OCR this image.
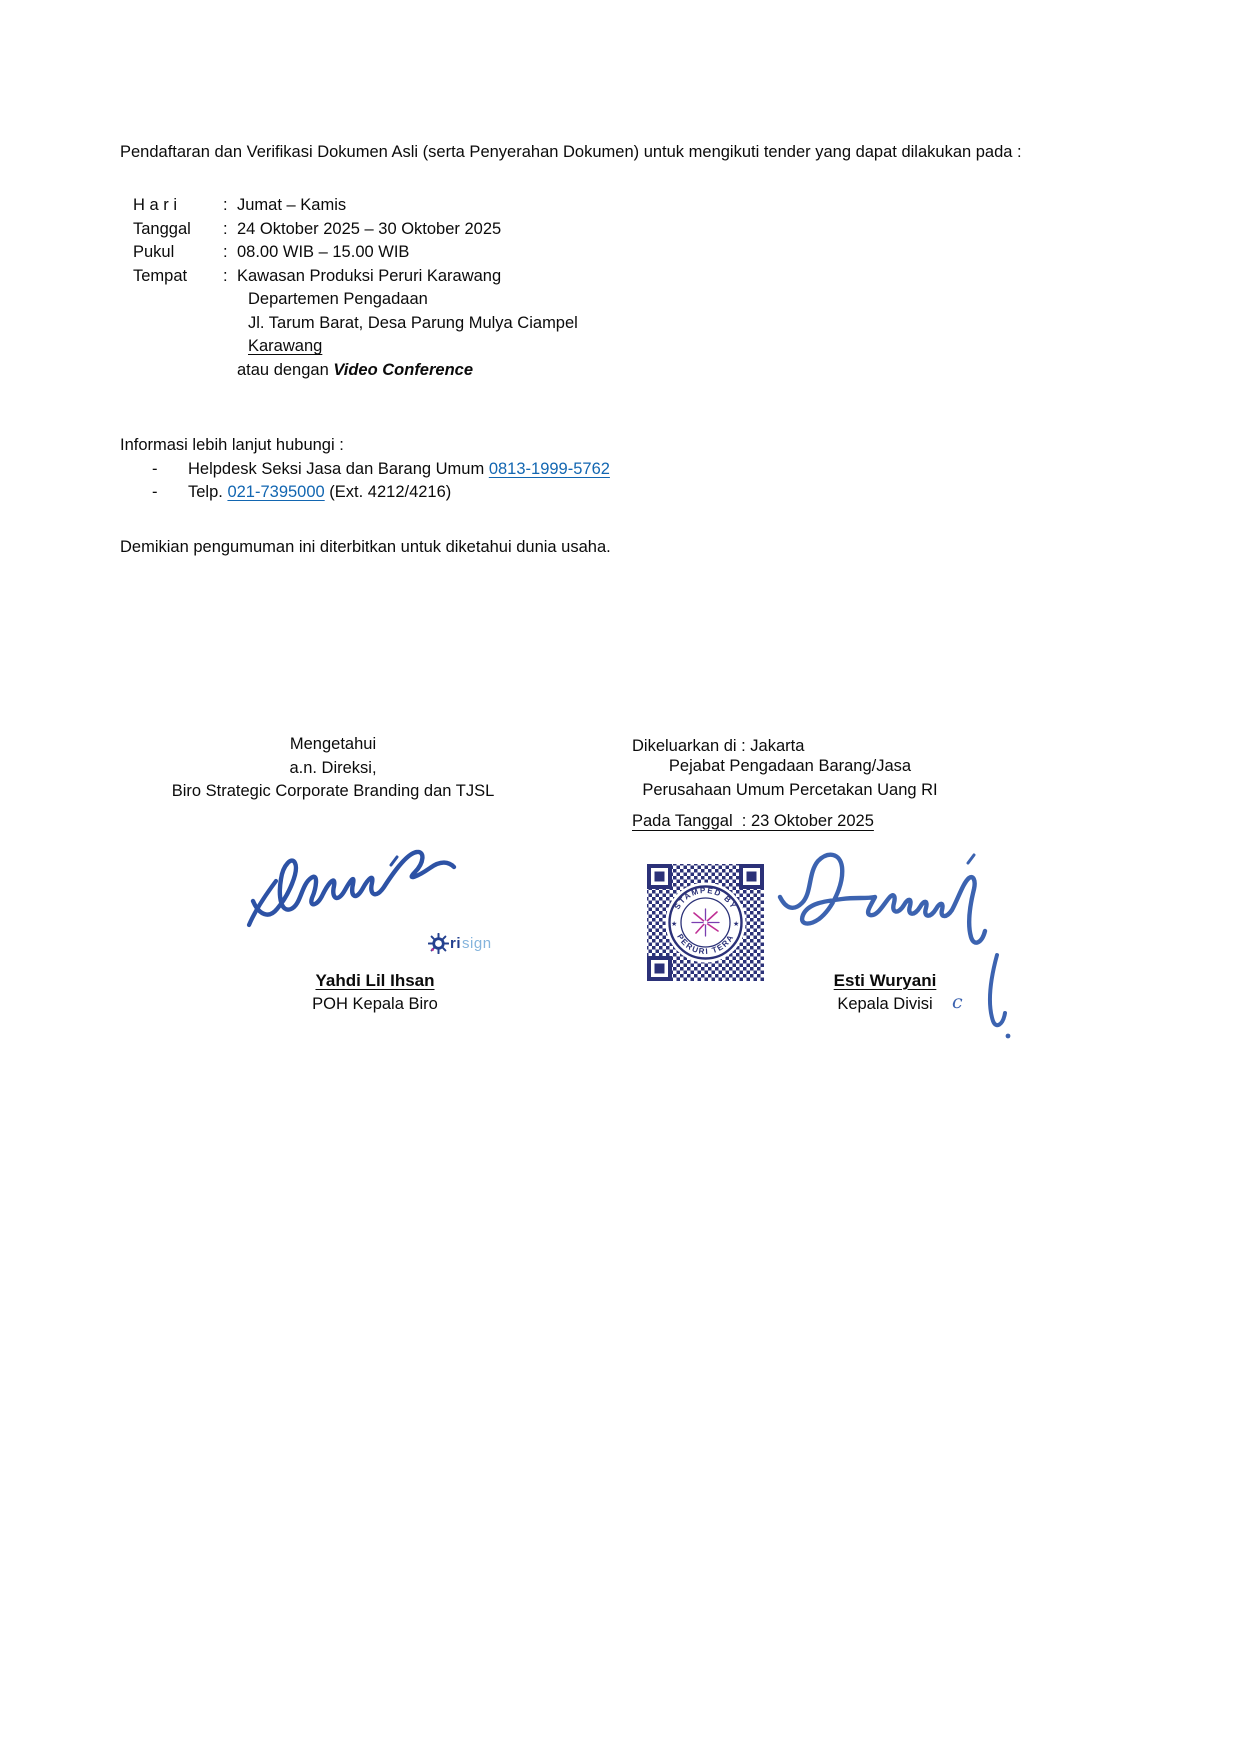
Pendaftaran dan Verifikasi Dokumen Asli (serta Penyerahan Dokumen) untuk mengikuti tender yang dapat dilakukan pada :
H a r i	: Jumat – Kamis
Tanggal	: 24 Oktober 2025 – 30 Oktober 2025
Pukul	: 08.00 WIB – 15.00 WIB
Tempat	: Kawasan Produksi Peruri Karawang
Departemen Pengadaan
Jl. Tarum Barat, Desa Parung Mulya Ciampel
Karawang
atau dengan Video Conference
Informasi lebih lanjut hubungi :
-	Helpdesk Seksi Jasa dan Barang Umum 0813-1999-5762
-	Telp. 021-7395000 (Ext. 4212/4216)
Demikian pengumuman ini diterbitkan untuk diketahui dunia usaha.

Dikeluarkan di : Jakarta

Pada Tanggal  : 23 Oktober 2025

Mengetahui
a.n. Direksi,
Biro Strategic Corporate Branding dan TJSL
Pejabat Pengadaan Barang/Jasa
Perusahaan Umum Percetakan Uang RI
ri sign
Yahdi Lil Ihsan
POH Kepala Biro
STAMPED BY
PERURI TERA
★	★
Esti Wuryani
Kepala Divisi	c
